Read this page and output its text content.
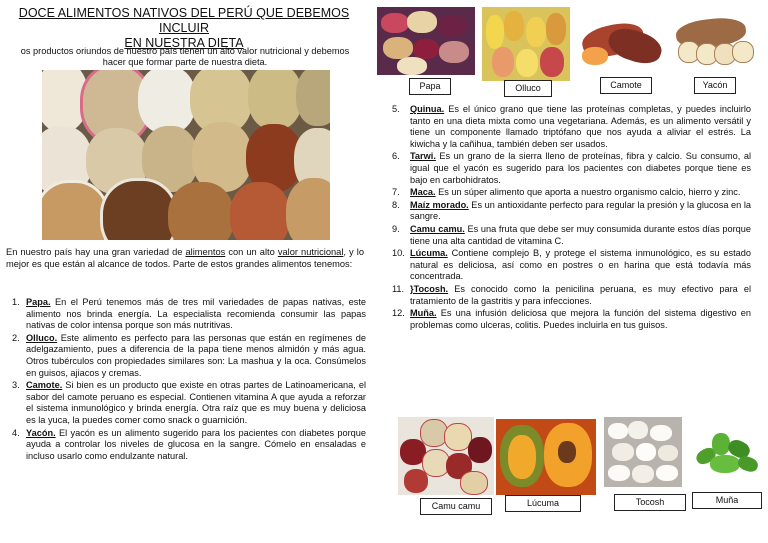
DOCE ALIMENTOS NATIVOS DEL PERÚ QUE DEBEMOS INCLUIR
EN NUESTRA DIETA
os productos oriundos de nuestro país tienen un alto valor nutricional y debemos
hacer que formar parte de nuestra dieta.
En nuestro país hay una gran variedad de alimentos con un alto valor nutricional, y lo mejor es que están al alcance de todos. Parte de estos grandes alimentos tenemos:
1. Papa. En el Perú tenemos más de tres mil variedades de papas nativas, este alimento nos brinda energía. La especialista recomienda consumir las papas nativas de color intensa porque son más nutritivas.
2. Olluco. Este alimento es perfecto para las personas que están en regímenes de adelgazamiento, pues a diferencia de la papa tiene menos almidón y más agua. Otros tubérculos con propiedades similares son: La mashua y la oca. Consúmelos en guisos, ajiacos y cremas.
3. Camote. Si bien es un producto que existe en otras partes de Latinoamericana, el sabor del camote peruano es especial. Contienen vitamina A que ayuda a reforzar el sistema inmunológico y brinda energía. Otra raíz que es muy buena y deliciosa es la yuca, la puedes comer como snack o guarnición.
4. Yacón. El yacón es un alimento sugerido para los pacientes con diabetes porque ayuda a controlar los niveles de glucosa en la sangre. Cómelo en ensaladas e incluso usarlo como endulzante natural.
Papa	Olluco	Camote	Yacón
5. Quinua. Es el único grano que tiene las proteínas completas, y puedes incluirlo tanto en una dieta mixta como una vegetariana. Además, es un alimento versátil y tiene un componente llamado triptófano que nos ayuda a aliviar el estrés. La kiwicha y la cañihua, también deben ser usados.
6. Tarwi. Es un grano de la sierra lleno de proteínas, fibra y calcio. Su consumo, al igual que el yacón es sugerido para los pacientes con diabetes porque tiene es bajo en carbohidratos.
7. Maca. Es un súper alimento que aporta a nuestro organismo calcio, hierro y zinc.
8. Maíz morado. Es un antioxidante perfecto para regular la presión y la glucosa en la sangre.
9. Camu camu. Es una fruta que debe ser muy consumida durante estos días porque tiene una alta cantidad de vitamina C.
10. Lúcuma. Contiene complejo B, y protege el sistema inmunológico, es su estado natural es deliciosa, así como en postres o en harina que está todavía más concentrada.
11. }Tocosh. Es conocido como la penicilina peruana, es muy efectivo para el tratamiento de la gastritis y para infecciones.
12. Muña. Es una infusión deliciosa que mejora la función del sistema digestivo en problemas como ulceras, colitis. Puedes incluirla en tus guisos.
Camu camu	Lúcuma	Tocosh	Muña
